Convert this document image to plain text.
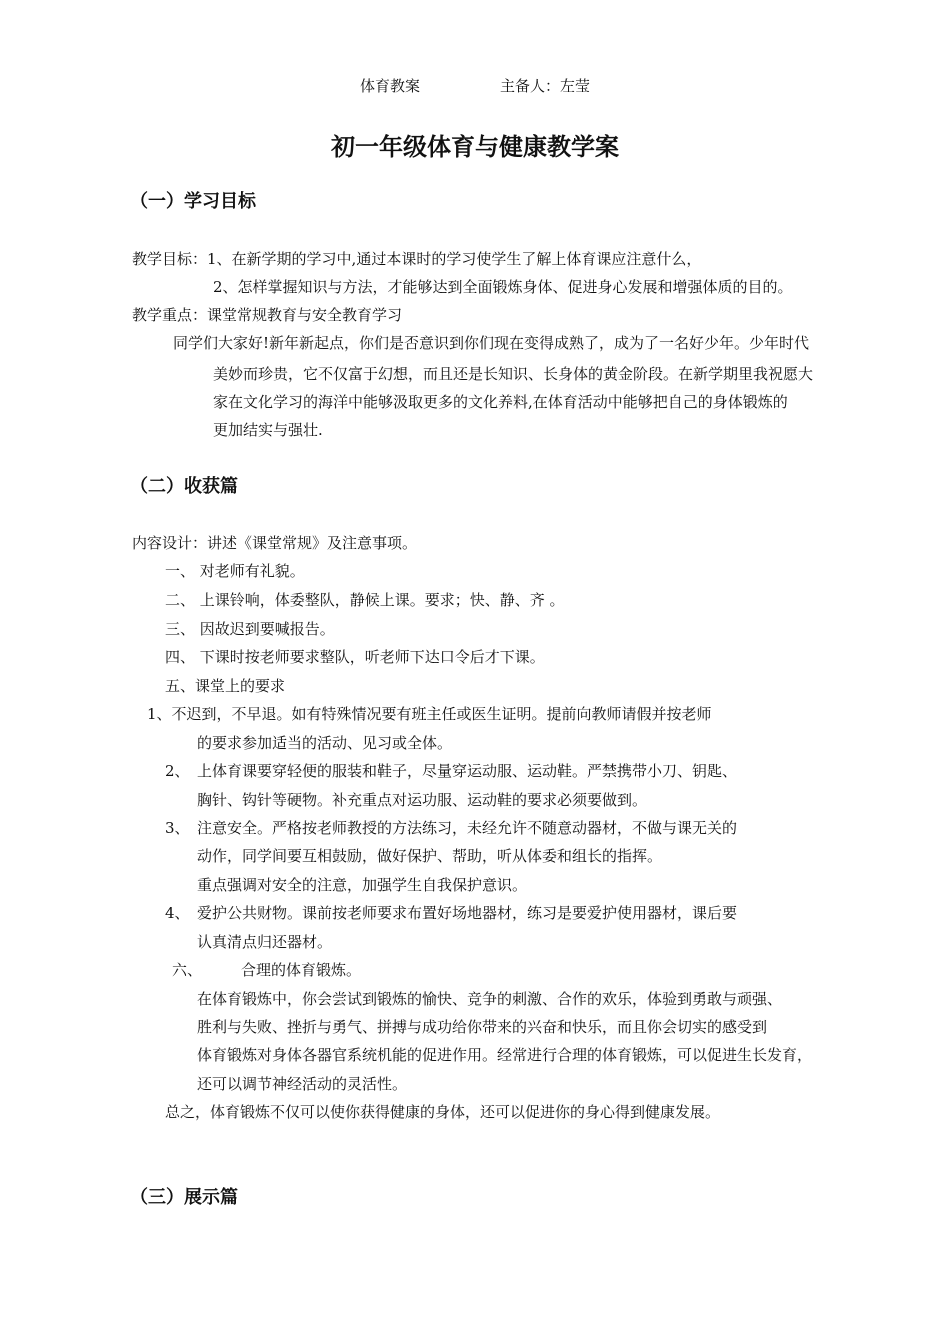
体育教案	主备人：左莹
初一年级体育与健康教学案
（一）学习目标
教学目标：1、在新学期的学习中,通过本课时的学习使学生了解上体育课应注意什么，
2、怎样掌握知识与方法，才能够达到全面锻炼身体、促进身心发展和增强体质的目的。
教学重点：课堂常规教育与安全教育学习
同学们大家好!新年新起点，你们是否意识到你们现在变得成熟了，成为了一名好少年。少年时代
美妙而珍贵，它不仅富于幻想，而且还是长知识、长身体的黄金阶段。在新学期里我祝愿大
家在文化学习的海洋中能够汲取更多的文化养料,在体育活动中能够把自己的身体锻炼的
更加结实与强壮.
（二）收获篇
内容设计：讲述《课堂常规》及注意事项。
一、 对老师有礼貌。
二、 上课铃响，体委整队，静候上课。要求；快、静、齐 。
三、 因故迟到要喊报告。
四、 下课时按老师要求整队，听老师下达口令后才下课。
五、课堂上的要求
1、不迟到，不早退。如有特殊情况要有班主任或医生证明。提前向教师请假并按老师
的要求参加适当的活动、见习或全体。
2、 上体育课要穿轻便的服装和鞋子，尽量穿运动服、运动鞋。严禁携带小刀、钥匙、
胸针、钩针等硬物。补充重点对运功服、运动鞋的要求必须要做到。
3、 注意安全。严格按老师教授的方法练习，未经允许不随意动器材，不做与课无关的
动作，同学间要互相鼓励，做好保护、帮助，听从体委和组长的指挥。
重点强调对安全的注意，加强学生自我保护意识。
4、 爱护公共财物。课前按老师要求布置好场地器材，练习是要爱护使用器材，课后要
认真清点归还器材。
六、	合理的体育锻炼。
在体育锻炼中，你会尝试到锻炼的愉快、竞争的刺激、合作的欢乐，体验到勇敢与顽强、
胜利与失败、挫折与勇气、拼搏与成功给你带来的兴奋和快乐，而且你会切实的感受到
体育锻炼对身体各器官系统机能的促进作用。经常进行合理的体育锻炼，可以促进生长发育，
还可以调节神经活动的灵活性。
总之，体育锻炼不仅可以使你获得健康的身体，还可以促进你的身心得到健康发展。
（三）展示篇
